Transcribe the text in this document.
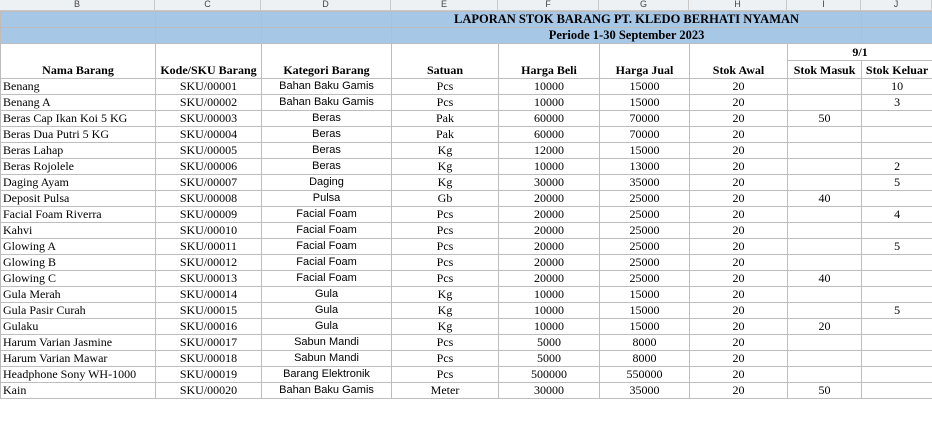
B	C	D	E	F	G	H	I	J
			LAPORAN STOK BARANG PT. KLEDO BERHATI NYAMAN					
			Periode 1-30 September 2023					
							9/1	
Nama Barang	Kode/SKU Barang	Kategori Barang	Satuan	Harga Beli	Harga Jual	Stok Awal	Stok Masuk	Stok Keluar
Benang	SKU/00001	Bahan Baku Gamis	Pcs	10000	15000	20		10
Benang A	SKU/00002	Bahan Baku Gamis	Pcs	10000	15000	20		3
Beras Cap Ikan Koi 5 KG	SKU/00003	Beras	Pak	60000	70000	20	50	
Beras Dua Putri 5 KG	SKU/00004	Beras	Pak	60000	70000	20		
Beras Lahap	SKU/00005	Beras	Kg	12000	15000	20		
Beras Rojolele	SKU/00006	Beras	Kg	10000	13000	20		2
Daging Ayam	SKU/00007	Daging	Kg	30000	35000	20		5
Deposit Pulsa	SKU/00008	Pulsa	Gb	20000	25000	20	40	
Facial Foam Riverra	SKU/00009	Facial Foam	Pcs	20000	25000	20		4
Kahvi	SKU/00010	Facial Foam	Pcs	20000	25000	20		
Glowing A	SKU/00011	Facial Foam	Pcs	20000	25000	20		5
Glowing B	SKU/00012	Facial Foam	Pcs	20000	25000	20		
Glowing C	SKU/00013	Facial Foam	Pcs	20000	25000	20	40	
Gula Merah	SKU/00014	Gula	Kg	10000	15000	20		
Gula Pasir Curah	SKU/00015	Gula	Kg	10000	15000	20		5
Gulaku	SKU/00016	Gula	Kg	10000	15000	20	20	
Harum Varian Jasmine	SKU/00017	Sabun Mandi	Pcs	5000	8000	20		
Harum Varian Mawar	SKU/00018	Sabun Mandi	Pcs	5000	8000	20		
Headphone Sony WH-1000	SKU/00019	Barang Elektronik	Pcs	500000	550000	20		
Kain	SKU/00020	Bahan Baku Gamis	Meter	30000	35000	20	50	
